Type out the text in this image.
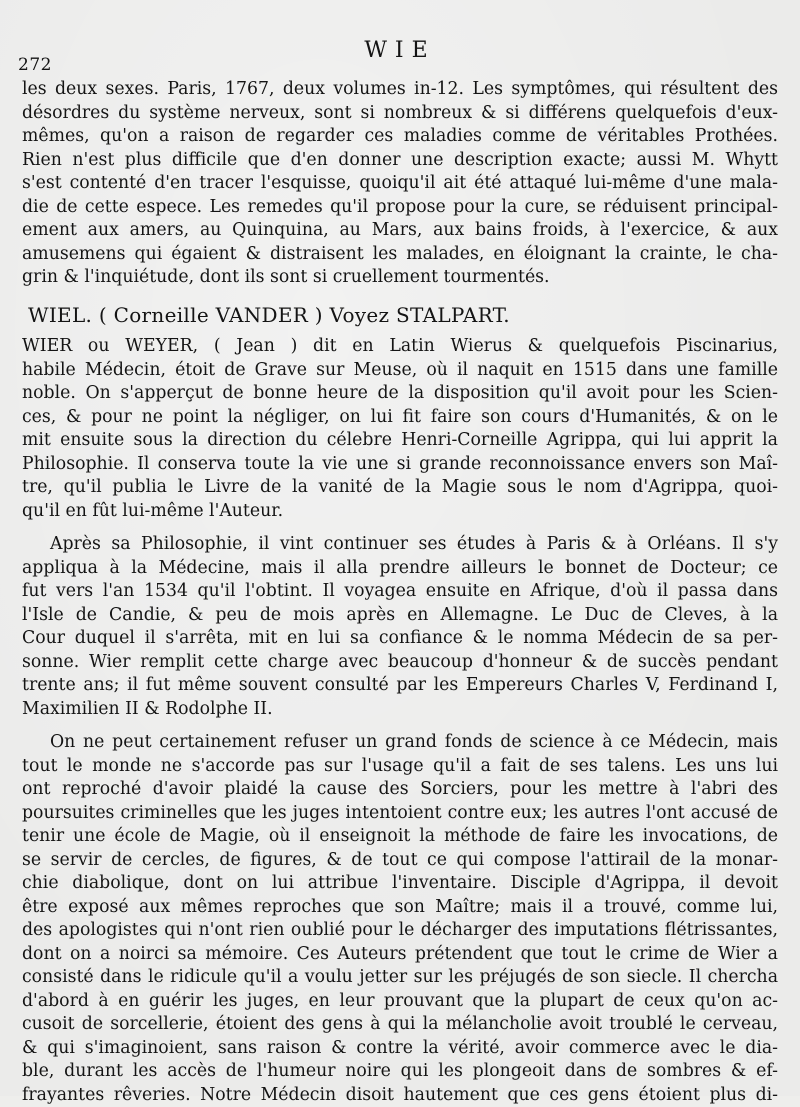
272
WIE
les deux sexes. Paris, 1767, deux volumes in-12. Les symptômes, qui résultent des
désordres du système nerveux, sont si nombreux & si différens quelquefois d'eux-
mêmes, qu'on a raison de regarder ces maladies comme de véritables Prothées.
Rien n'est plus difficile que d'en donner une description exacte; aussi M. Whytt
s'est contenté d'en tracer l'esquisse, quoiqu'il ait été attaqué lui-même d'une mala-
die de cette espece. Les remedes qu'il propose pour la cure, se réduisent principal-
ement aux amers, au Quinquina, au Mars, aux bains froids, à l'exercice, & aux
amusemens qui égaient & distraisent les malades, en éloignant la crainte, le cha-
grin & l'inquiétude, dont ils sont si cruellement tourmentés.
WIEL. ( Corneille VANDER ) Voyez STALPART.
WIER ou WEYER, ( Jean ) dit en Latin Wierus & quelquefois Piscinarius,
habile Médecin, étoit de Grave sur Meuse, où il naquit en 1515 dans une famille
noble. On s'apperçut de bonne heure de la disposition qu'il avoit pour les Scien-
ces, & pour ne point la négliger, on lui fit faire son cours d'Humanités, & on le
mit ensuite sous la direction du célebre Henri-Corneille Agrippa, qui lui apprit la
Philosophie. Il conserva toute la vie une si grande reconnoissance envers son Maî-
tre, qu'il publia le Livre de la vanité de la Magie sous le nom d'Agrippa, quoi-
qu'il en fût lui-même l'Auteur.
Après sa Philosophie, il vint continuer ses études à Paris & à Orléans. Il s'y
appliqua à la Médecine, mais il alla prendre ailleurs le bonnet de Docteur; ce
fut vers l'an 1534 qu'il l'obtint. Il voyagea ensuite en Afrique, d'où il passa dans
l'Isle de Candie, & peu de mois après en Allemagne. Le Duc de Cleves, à la
Cour duquel il s'arrêta, mit en lui sa confiance & le nomma Médecin de sa per-
sonne. Wier remplit cette charge avec beaucoup d'honneur & de succès pendant
trente ans; il fut même souvent consulté par les Empereurs Charles V, Ferdinand I,
Maximilien II & Rodolphe II.
On ne peut certainement refuser un grand fonds de science à ce Médecin, mais
tout le monde ne s'accorde pas sur l'usage qu'il a fait de ses talens. Les uns lui
ont reproché d'avoir plaidé la cause des Sorciers, pour les mettre à l'abri des
poursuites criminelles que les juges intentoient contre eux; les autres l'ont accusé de
tenir une école de Magie, où il enseignoit la méthode de faire les invocations, de
se servir de cercles, de figures, & de tout ce qui compose l'attirail de la monar-
chie diabolique, dont on lui attribue l'inventaire. Disciple d'Agrippa, il devoit
être exposé aux mêmes reproches que son Maître; mais il a trouvé, comme lui,
des apologistes qui n'ont rien oublié pour le décharger des imputations flétrissantes,
dont on a noirci sa mémoire. Ces Auteurs prétendent que tout le crime de Wier a
consisté dans le ridicule qu'il a voulu jetter sur les préjugés de son siecle. Il chercha
d'abord à en guérir les juges, en leur prouvant que la plupart de ceux qu'on ac-
cusoit de sorcellerie, étoient des gens à qui la mélancholie avoit troublé le cerveau,
& qui s'imaginoient, sans raison & contre la vérité, avoir commerce avec le dia-
ble, durant les accès de l'humeur noire qui les plongeoit dans de sombres & ef-
frayantes rêveries. Notre Médecin disoit hautement que ces gens étoient plus di-
